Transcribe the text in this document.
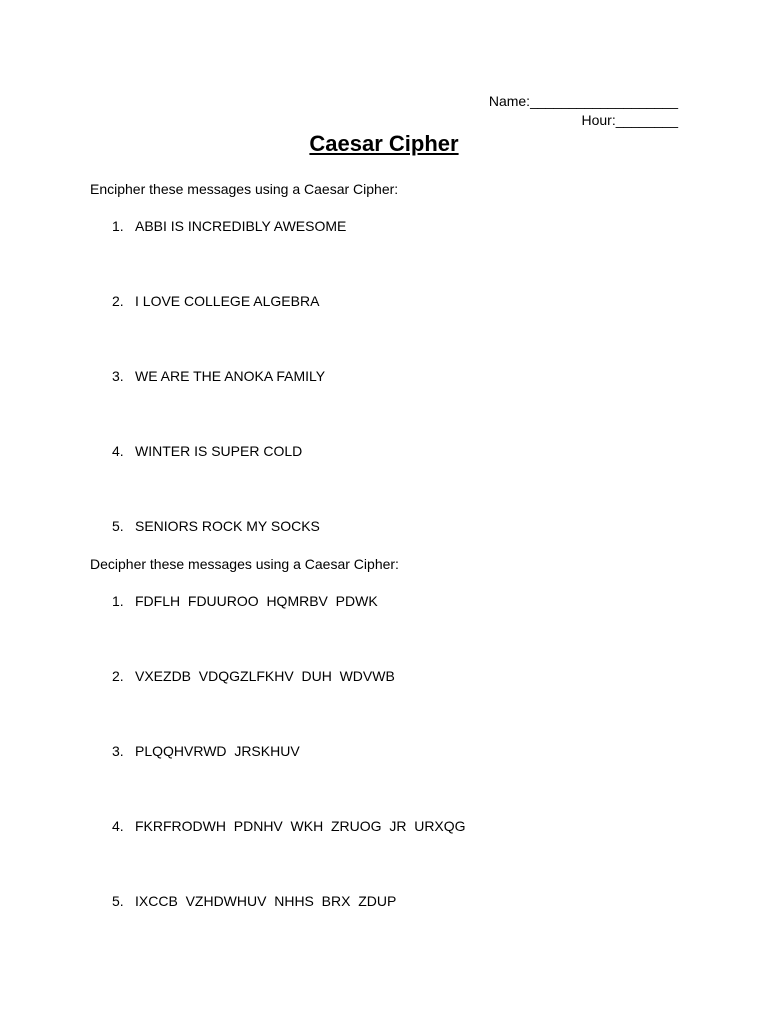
Name:___________________
Hour:________
Caesar Cipher
Encipher these messages using a Caesar Cipher:
1. ABBI IS INCREDIBLY AWESOME
2. I LOVE COLLEGE ALGEBRA
3. WE ARE THE ANOKA FAMILY
4. WINTER IS SUPER COLD
5. SENIORS ROCK MY SOCKS
Decipher these messages using a Caesar Cipher:
1. FDFLH  FDUUROO  HQMRBV  PDWK
2. VXEZDB  VDQGZLFKHV  DUH  WDVWB
3. PLQQHVRWD  JRSKHUV
4. FKRFRODWH  PDNHV  WKH  ZRUOG  JR  URXQG
5. IXCCB  VZHDWHUV  NHHS  BRX  ZDUP
